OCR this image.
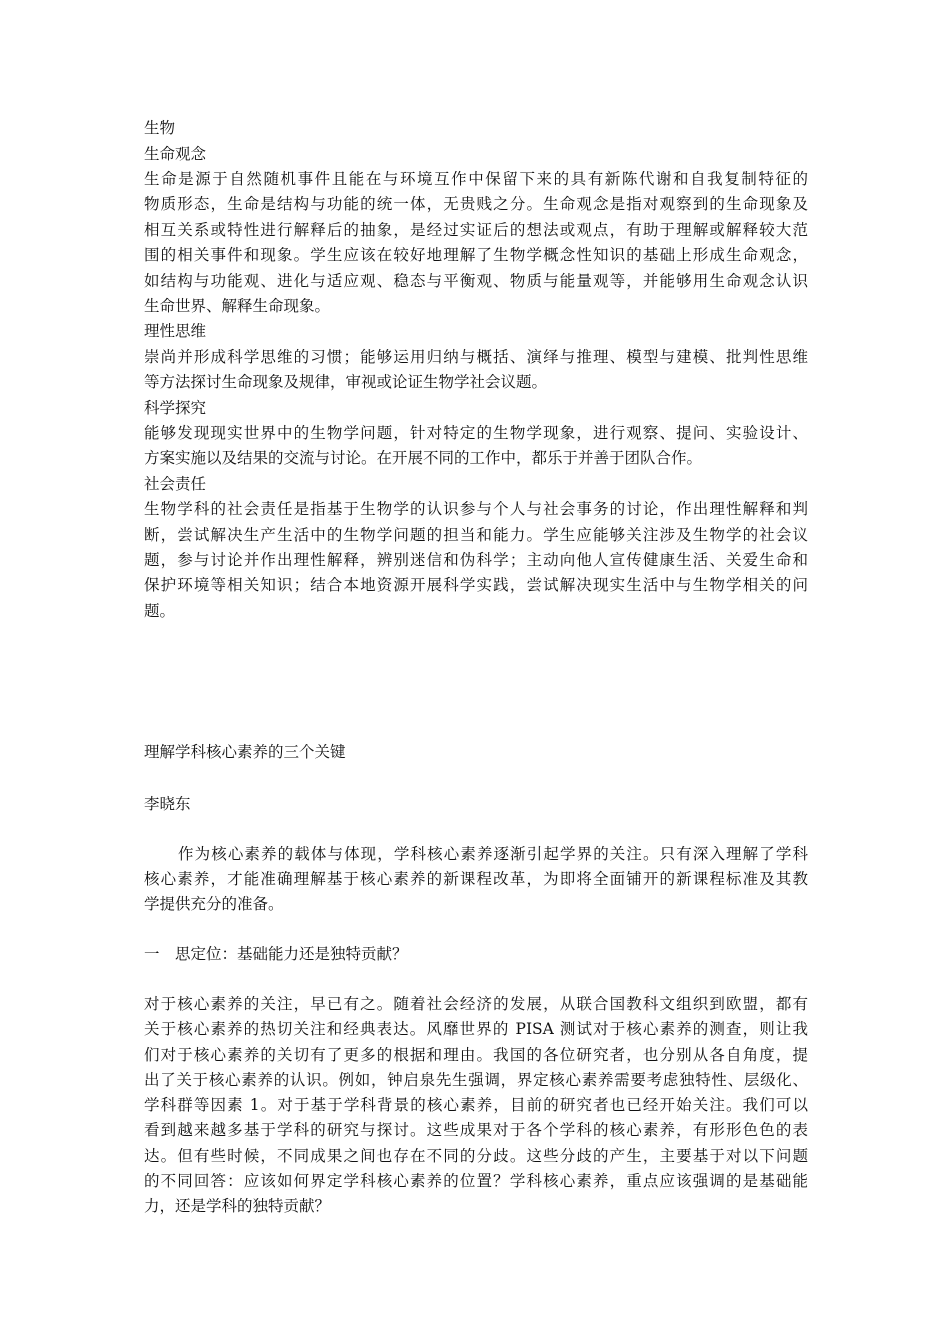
生物
生命观念
生命是源于自然随机事件且能在与环境互作中保留下来的具有新陈代谢和自我复制特征的
物质形态，生命是结构与功能的统一体，无贵贱之分。生命观念是指对观察到的生命现象及
相互关系或特性进行解释后的抽象，是经过实证后的想法或观点，有助于理解或解释较大范
围的相关事件和现象。学生应该在较好地理解了生物学概念性知识的基础上形成生命观念，
如结构与功能观、进化与适应观、稳态与平衡观、物质与能量观等，并能够用生命观念认识
生命世界、解释生命现象。
理性思维
崇尚并形成科学思维的习惯；能够运用归纳与概括、演绎与推理、模型与建模、批判性思维
等方法探讨生命现象及规律，审视或论证生物学社会议题。
科学探究
能够发现现实世界中的生物学问题，针对特定的生物学现象，进行观察、提问、实验设计、
方案实施以及结果的交流与讨论。在开展不同的工作中，都乐于并善于团队合作。
社会责任
生物学科的社会责任是指基于生物学的认识参与个人与社会事务的讨论，作出理性解释和判
断，尝试解决生产生活中的生物学问题的担当和能力。学生应能够关注涉及生物学的社会议
题，参与讨论并作出理性解释，辨别迷信和伪科学；主动向他人宣传健康生活、关爱生命和
保护环境等相关知识；结合本地资源开展科学实践，尝试解决现实生活中与生物学相关的问
题。
理解学科核心素养的三个关键
李晓东
作为核心素养的载体与体现，学科核心素养逐渐引起学界的关注。只有深入理解了学科
核心素养，才能准确理解基于核心素养的新课程改革，为即将全面铺开的新课程标准及其教
学提供充分的准备。
一　思定位：基础能力还是独特贡献？
对于核心素养的关注，早已有之。随着社会经济的发展，从联合国教科文组织到欧盟，都有
关于核心素养的热切关注和经典表达。风靡世界的 PISA 测试对于核心素养的测查，则让我
们对于核心素养的关切有了更多的根据和理由。我国的各位研究者，也分别从各自角度，提
出了关于核心素养的认识。例如，钟启泉先生强调，界定核心素养需要考虑独特性、层级化、
学科群等因素 1。对于基于学科背景的核心素养，目前的研究者也已经开始关注。我们可以
看到越来越多基于学科的研究与探讨。这些成果对于各个学科的核心素养，有形形色色的表
达。但有些时候，不同成果之间也存在不同的分歧。这些分歧的产生，主要基于对以下问题
的不同回答：应该如何界定学科核心素养的位置？学科核心素养，重点应该强调的是基础能
力，还是学科的独特贡献？
